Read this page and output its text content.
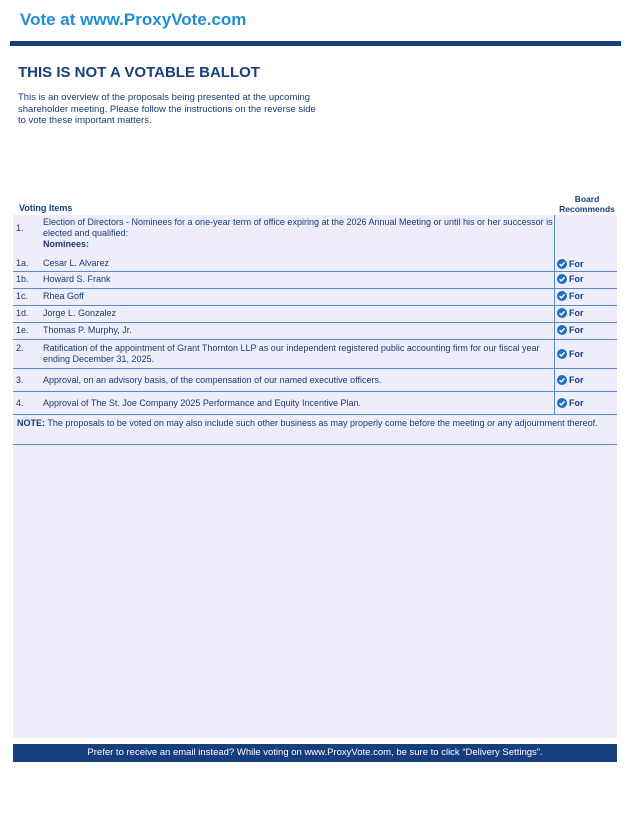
Vote at www.ProxyVote.com
THIS IS NOT A VOTABLE BALLOT
This is an overview of the proposals being presented at the upcoming shareholder meeting. Please follow the instructions on the reverse side to vote these important matters.
Voting Items
Board
Recommends
1.
Election of Directors - Nominees for a one-year term of office expiring at the 2026 Annual Meeting or until his or her successor is elected and qualified:
Nominees:
1a. Cesar L. Alvarez	For
1b. Howard S. Frank	For
1c. Rhea Goff	For
1d. Jorge L. Gonzalez	For
1e. Thomas P. Murphy, Jr.	For
2. Ratification of the appointment of Grant Thornton LLP as our independent registered public accounting firm for our fiscal year ending December 31, 2025.	For
3. Approval, on an advisory basis, of the compensation of our named executive officers.	For
4. Approval of The St. Joe Company 2025 Performance and Equity Incentive Plan.	For
NOTE: The proposals to be voted on may also include such other business as may properly come before the meeting or any adjournment thereof.
Prefer to receive an email instead? While voting on www.ProxyVote.com, be sure to click “Delivery Settings”.
